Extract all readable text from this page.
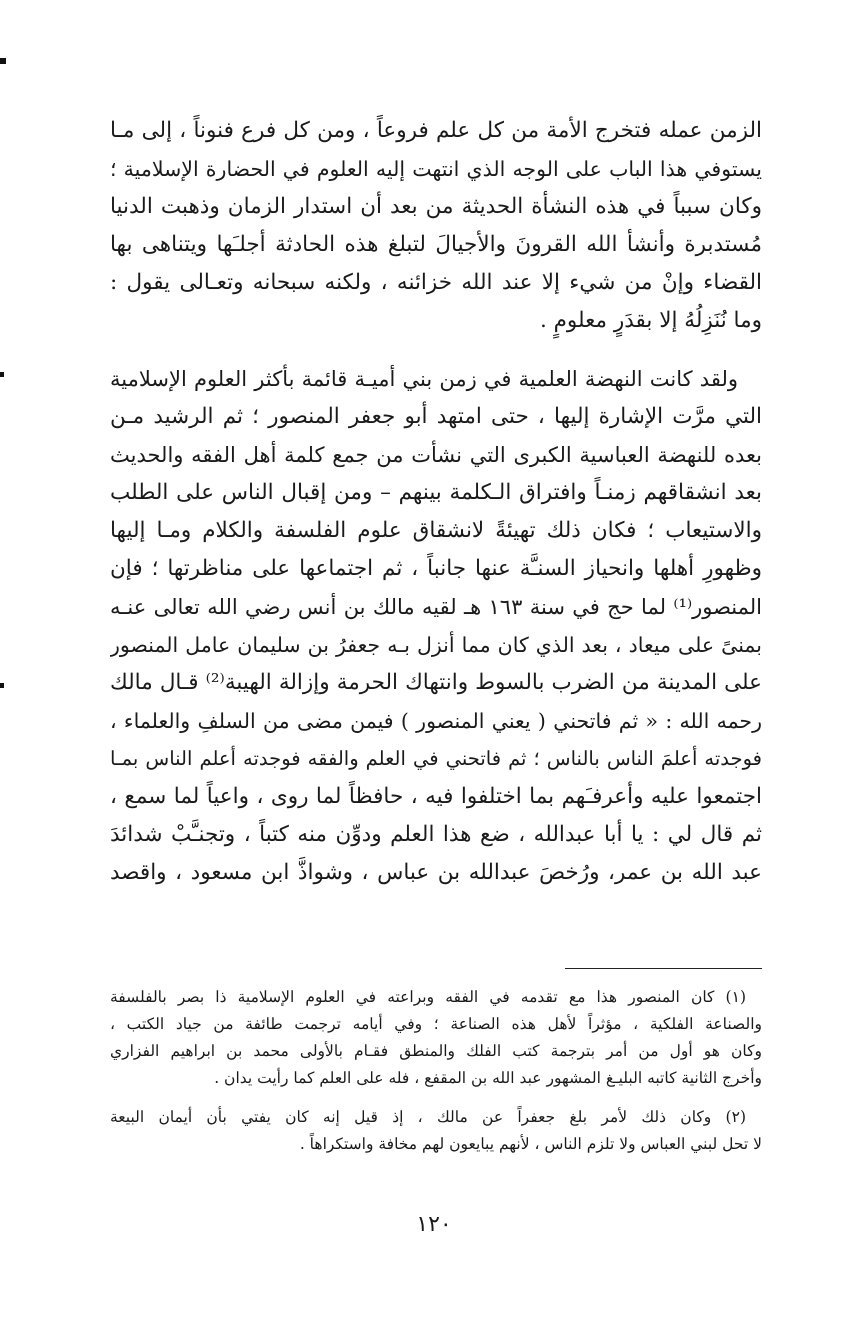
الزمن عمله فتخرج الأمة من كل علم فروعاً ، ومن كل فرع فنوناً ، إلى مـا
يستوفي هذا الباب على الوجه الذي انتهت إليه العلوم في الحضارة الإسلامية ؛
وكان سبباً في هذه النشأة الحديثة من بعد أن استدار الزمان وذهبت الدنيا
مُستدبرة وأنشأ الله القرونَ والأجيالَ لتبلغ هذه الحادثة أجلـَها ويتناهى بها
القضاء وإنْ من شيء إلا عند الله خزائنه ، ولكنه سبحانه وتعـالى يقول :
وما نُنَزِلُهُ إلا بقدَرٍ معلومٍ .
ولقد كانت النهضة العلمية في زمن بني أميـة قائمة بأكثر العلوم الإسلامية
التي مرَّت الإشارة إليها ، حتى امتهد أبو جعفر المنصور ؛ ثم الرشيد مـن
بعده للنهضة العباسية الكبرى التي نشأت من جمع كلمة أهل الفقه والحديث
بعد انشقاقهم زمنـاً وافتراق الـكلمة بينهم – ومن إقبال الناس على الطلب
والاستيعاب ؛ فكان ذلك تهيئةً لانشقاق علوم الفلسفة والكلام ومـا إليها
وظهورِ أهلها وانحياز السنـَّة عنها جانباً ، ثم اجتماعها على مناظرتها ؛ فإن
المنصور⁽¹⁾ لما حج في سنة ١٦٣ هـ لقيه مالك بن أنس رضي الله تعالى عنـه
بمنىً على ميعاد ، بعد الذي كان مما أنزل بـه جعفرُ بن سليمان عامل المنصور
على المدينة من الضرب بالسوط وانتهاك الحرمة وإزالة الهيبة⁽²⁾ قـال مالك
رحمه الله : « ثم فاتحني ( يعني المنصور ) فيمن مضى من السلفِ والعلماء ،
فوجدته أعلمَ الناس بالناس ؛ ثم فاتحني في العلم والفقه فوجدته أعلم الناس بمـا
اجتمعوا عليه وأعرفـَهم بما اختلفوا فيه ، حافظاً لما روى ، واعياً لما سمع ،
ثم قال لي : يا أبا عبدالله ، ضع هذا العلم ودوِّن منه كتباً ، وتجنـَّبْ شدائدَ
عبد الله بن عمر، ورُخصَ عبدالله بن عباس ، وشواذَّ ابن مسعود ، واقصد
(١) كان المنصور هذا مع تقدمه في الفقه وبراعته في العلوم الإسلامية ذا بصر بالفلسفة
والصناعة الفلكية ، مؤثراً لأهل هذه الصناعة ؛ وفي أيامه ترجمت طائفة من جياد الكتب ،
وكان هو أول من أمر بترجمة كتب الفلك والمنطق فقـام بالأولى محمد بن ابراهيم الفزاري
وأخرج الثانية كاتبه البليـغ المشهور عبد الله بن المقفع ، فله على العلم كما رأيت يدان .
(٢) وكان ذلك لأمر بلغ جعفراً عن مالك ، إذ قيل إنه كان يفتي بأن أيمان البيعة
لا تحل لبني العباس ولا تلزم الناس ، لأنهم يبايعون لهم مخافة واستكراهاً .
١٢٠
